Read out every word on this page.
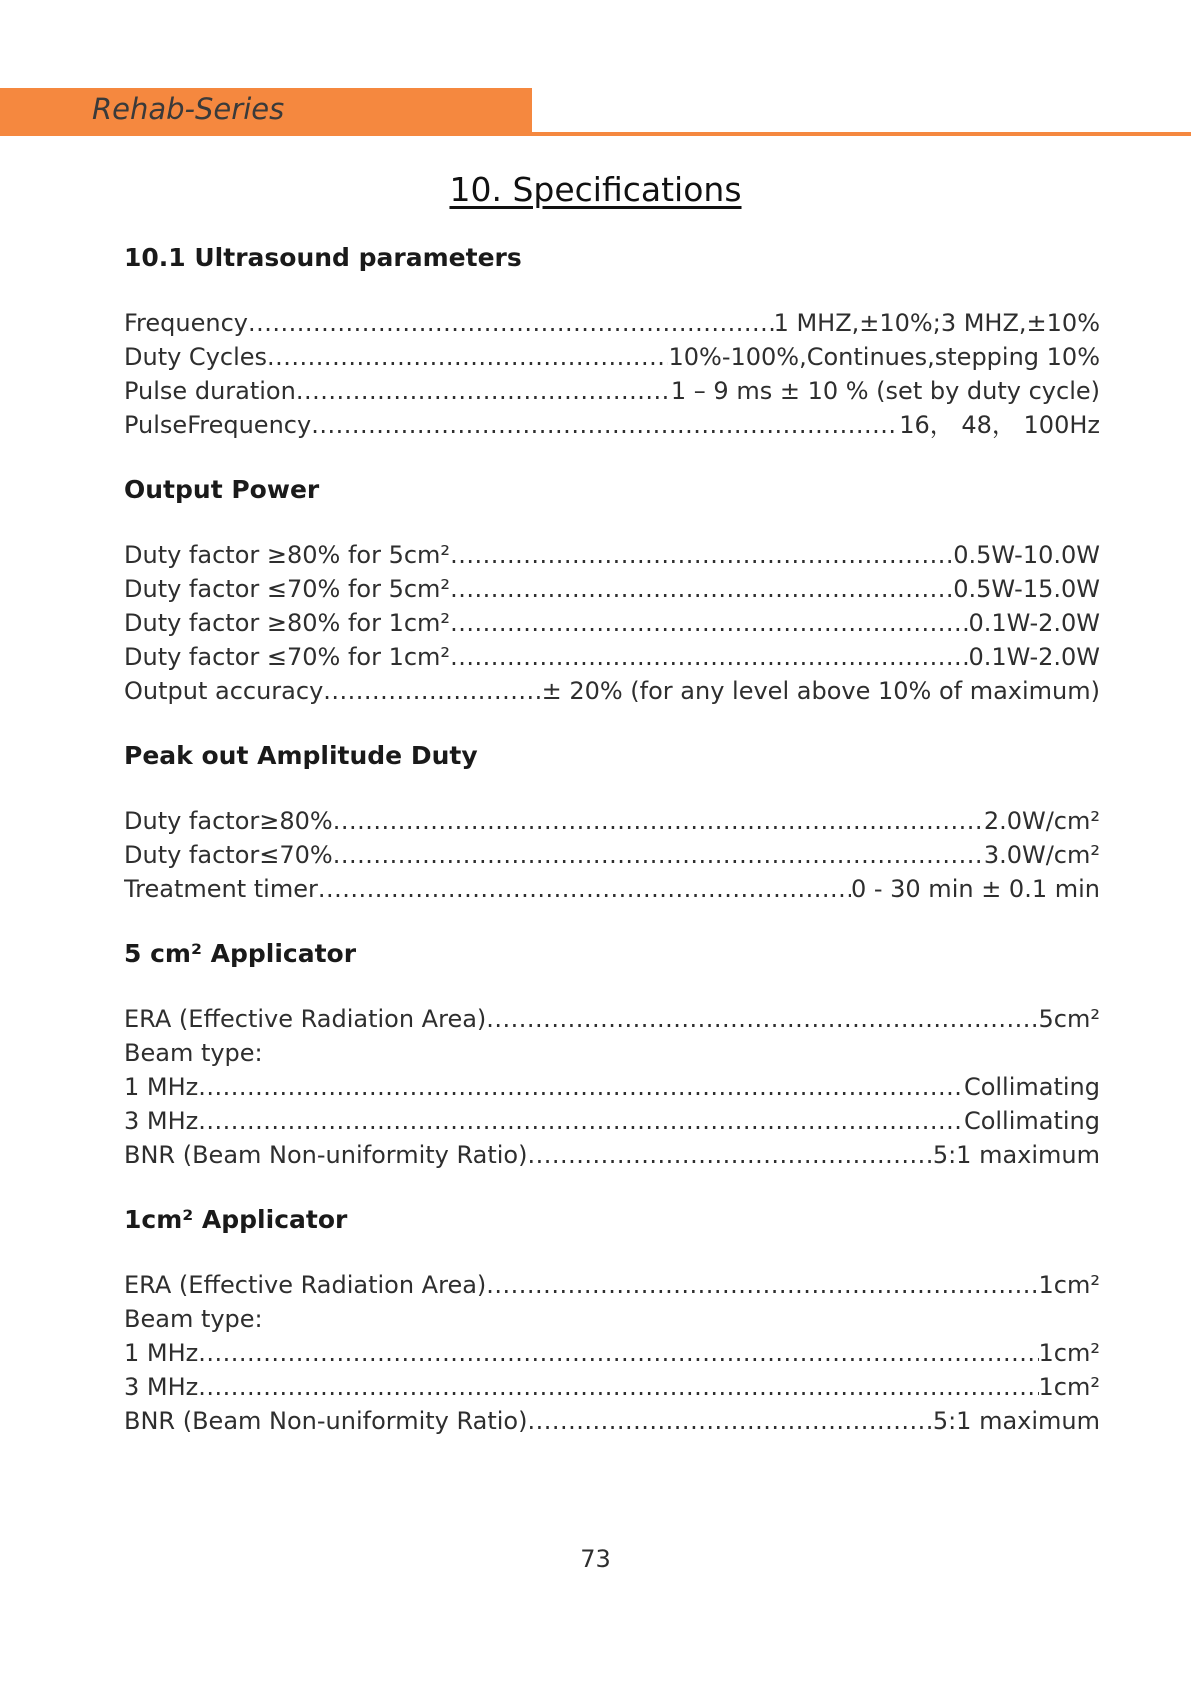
Rehab-Series
10. Specifications
10.1 Ultrasound parameters
Frequency .....	1 MHZ,±10%;3 MHZ,±10%
Duty Cycles .....	10%-100%,Continues,stepping 10%
Pulse duration .....	1 – 9 ms ± 10 % (set by duty cycle)
PulseFrequency .....	16， 48， 100Hz
Output Power
Duty factor ≥80% for 5cm² .....	0.5W-10.0W
Duty factor ≤70% for 5cm² .....	0.5W-15.0W
Duty factor ≥80% for 1cm² .....	0.1W-2.0W
Duty factor ≤70% for 1cm² .....	0.1W-2.0W
Output accuracy .....	± 20% (for any level above 10% of maximum)
Peak out Amplitude Duty
Duty factor≥80% .....	2.0W/cm²
Duty factor≤70% .....	3.0W/cm²
Treatment timer .....	0 - 30 min ± 0.1 min
5 cm² Applicator
ERA (Effective Radiation Area) .....	5cm²
Beam type:
1 MHz .....	Collimating
3 MHz .....	Collimating
BNR (Beam Non-uniformity Ratio) .....	5:1 maximum
1cm² Applicator
ERA (Effective Radiation Area) .....	1cm²
Beam type:
1 MHz .....	1cm²
3 MHz .....	1cm²
BNR (Beam Non-uniformity Ratio) .....	5:1 maximum
73
